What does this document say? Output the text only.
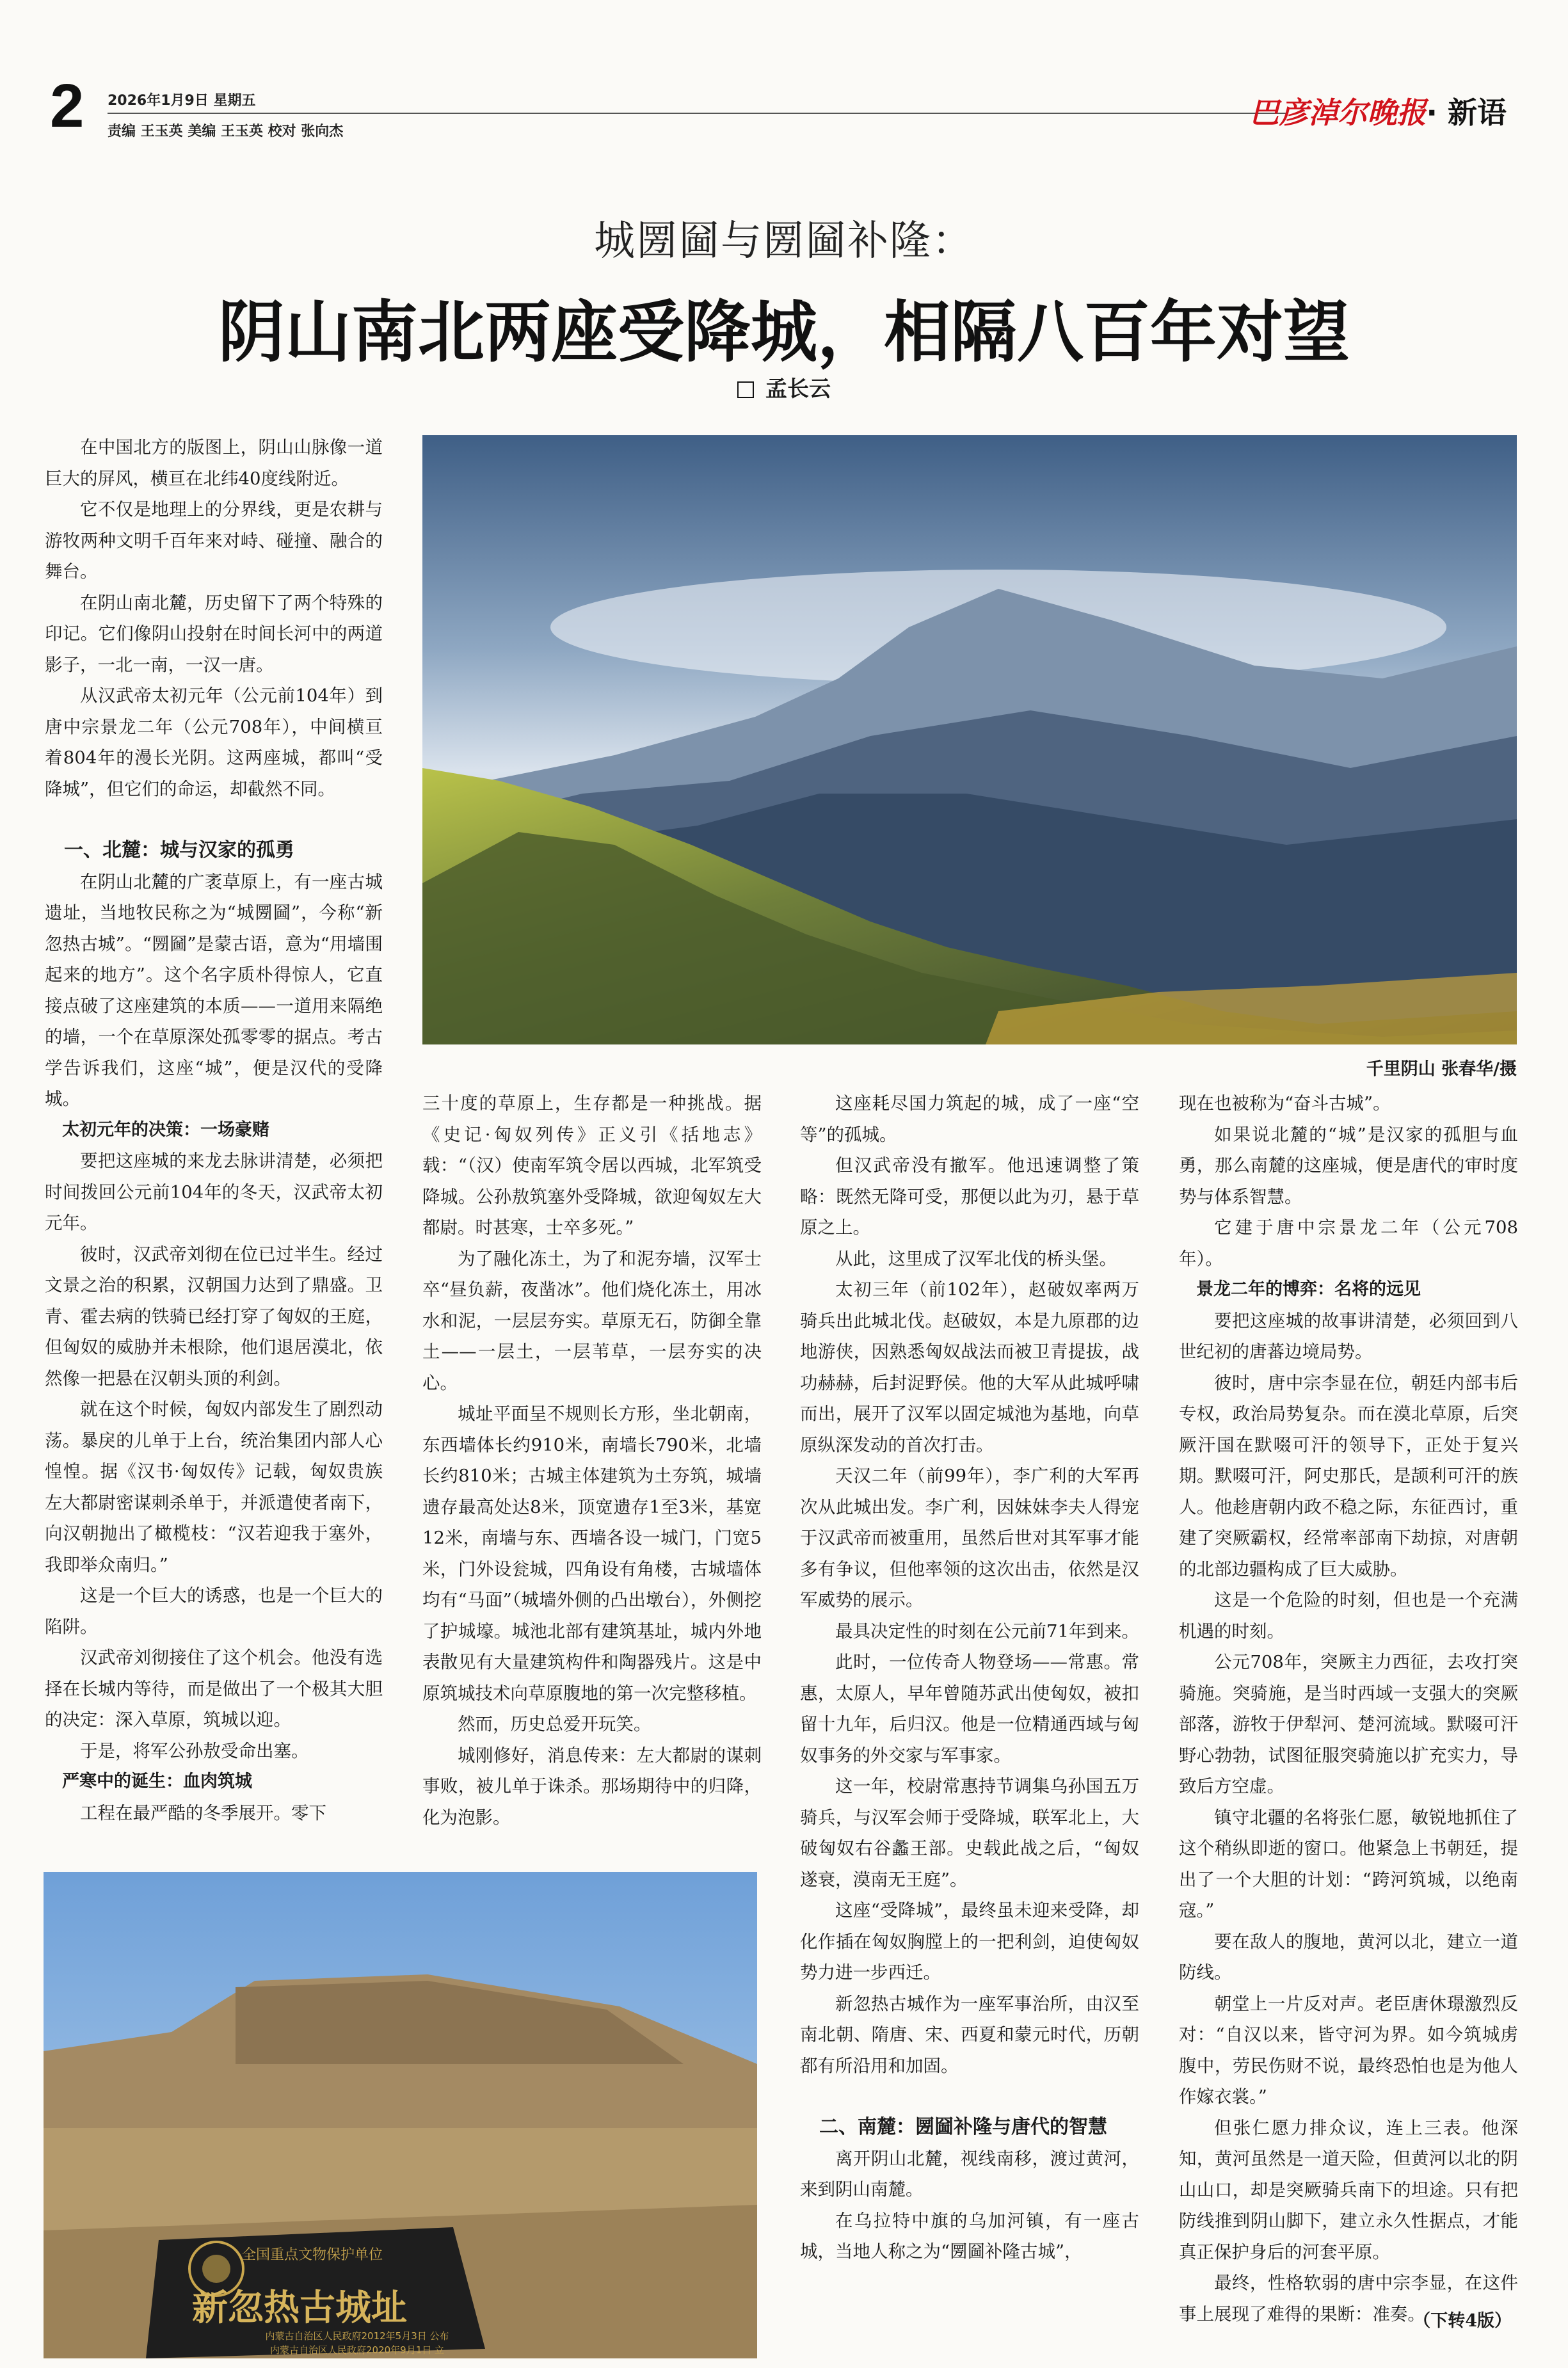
2 2026年1月9日 星期五
责编 王玉英 美编 王玉英 校对 张向杰
巴彦淖尔晚报· 新语
城圐圙与圐圙补隆：
阴山南北两座受降城，相隔八百年对望
孟长云
千里阴山 张春华/摄

在中国北方的版图上，阴山山脉像一道巨大的屏风，横亘在北纬40度线附近。

它不仅是地理上的分界线，更是农耕与游牧两种文明千百年来对峙、碰撞、融合的舞台。

在阴山南北麓，历史留下了两个特殊的印记。它们像阴山投射在时间长河中的两道影子，一北一南，一汉一唐。

从汉武帝太初元年（公元前104年）到唐中宗景龙二年（公元708年），中间横亘着804年的漫长光阴。这两座城，都叫“受降城”，但它们的命运，却截然不同。

一、北麓：城与汉家的孤勇

在阴山北麓的广袤草原上，有一座古城遗址，当地牧民称之为“城圐圙”，今称“新忽热古城”。“圐圙”是蒙古语，意为“用墙围起来的地方”。这个名字质朴得惊人，它直接点破了这座建筑的本质——一道用来隔绝的墙，一个在草原深处孤零零的据点。考古学告诉我们，这座“城”，便是汉代的受降城。

太初元年的决策：一场豪赌

要把这座城的来龙去脉讲清楚，必须把时间拨回公元前104年的冬天，汉武帝太初元年。

彼时，汉武帝刘彻在位已过半生。经过文景之治的积累，汉朝国力达到了鼎盛。卫青、霍去病的铁骑已经打穿了匈奴的王庭，但匈奴的威胁并未根除，他们退居漠北，依然像一把悬在汉朝头顶的利剑。

就在这个时候，匈奴内部发生了剧烈动荡。暴戾的儿单于上台，统治集团内部人心惶惶。据《汉书·匈奴传》记载，匈奴贵族左大都尉密谋刺杀单于，并派遣使者南下，向汉朝抛出了橄榄枝：“汉若迎我于塞外，我即举众南归。”

这是一个巨大的诱惑，也是一个巨大的陷阱。

汉武帝刘彻接住了这个机会。他没有选择在长城内等待，而是做出了一个极其大胆的决定：深入草原，筑城以迎。

于是，将军公孙敖受命出塞。

严寒中的诞生：血肉筑城

工程在最严酷的冬季展开。零下

三十度的草原上，生存都是一种挑战。据《史记·匈奴列传》正义引《括地志》载：“（汉）使南军筑令居以西城，北军筑受降城。公孙敖筑塞外受降城，欲迎匈奴左大都尉。时甚寒，士卒多死。”

为了融化冻土，为了和泥夯墙，汉军士卒“昼负薪，夜凿冰”。他们烧化冻土，用冰水和泥，一层层夯实。草原无石，防御全靠土——一层土，一层苇草，一层夯实的决心。

城址平面呈不规则长方形，坐北朝南，东西墙体长约910米，南墙长790米，北墙长约810米；古城主体建筑为土夯筑，城墙遗存最高处达8米，顶宽遗存1至3米，基宽12米，南墙与东、西墙各设一城门，门宽5米，门外设瓮城，四角设有角楼，古城墙体均有“马面”（城墙外侧的凸出墩台），外侧挖了护城壕。城池北部有建筑基址，城内外地表散见有大量建筑构件和陶器残片。这是中原筑城技术向草原腹地的第一次完整移植。

然而，历史总爱开玩笑。

城刚修好，消息传来：左大都尉的谋刺事败，被儿单于诛杀。那场期待中的归降，化为泡影。

这座耗尽国力筑起的城，成了一座“空等”的孤城。

但汉武帝没有撤军。他迅速调整了策略：既然无降可受，那便以此为刃，悬于草原之上。

从此，这里成了汉军北伐的桥头堡。

太初三年（前102年），赵破奴率两万骑兵出此城北伐。赵破奴，本是九原郡的边地游侠，因熟悉匈奴战法而被卫青提拔，战功赫赫，后封浞野侯。他的大军从此城呼啸而出，展开了汉军以固定城池为基地，向草原纵深发动的首次打击。

天汉二年（前99年），李广利的大军再次从此城出发。李广利，因妹妹李夫人得宠于汉武帝而被重用，虽然后世对其军事才能多有争议，但他率领的这次出击，依然是汉军威势的展示。

最具决定性的时刻在公元前71年到来。

此时，一位传奇人物登场——常惠。常惠，太原人，早年曾随苏武出使匈奴，被扣留十九年，后归汉。他是一位精通西域与匈奴事务的外交家与军事家。

这一年，校尉常惠持节调集乌孙国五万骑兵，与汉军会师于受降城，联军北上，大破匈奴右谷蠡王部。史载此战之后，“匈奴遂衰，漠南无王庭”。

这座“受降城”，最终虽未迎来受降，却化作插在匈奴胸膛上的一把利剑，迫使匈奴势力进一步西迁。

新忽热古城作为一座军事治所，由汉至南北朝、隋唐、宋、西夏和蒙元时代，历朝都有所沿用和加固。

二、南麓：圐圙补隆与唐代的智慧

离开阴山北麓，视线南移，渡过黄河，来到阴山南麓。

在乌拉特中旗的乌加河镇，有一座古城，当地人称之为“圐圙补隆古城”，

现在也被称为“奋斗古城”。

如果说北麓的“城”是汉家的孤胆与血勇，那么南麓的这座城，便是唐代的审时度势与体系智慧。

它建于唐中宗景龙二年（公元708年）。

景龙二年的博弈：名将的远见

要把这座城的故事讲清楚，必须回到八世纪初的唐蕃边境局势。

彼时，唐中宗李显在位，朝廷内部韦后专权，政治局势复杂。而在漠北草原，后突厥汗国在默啜可汗的领导下，正处于复兴期。默啜可汗，阿史那氏，是颉利可汗的族人。他趁唐朝内政不稳之际，东征西讨，重建了突厥霸权，经常率部南下劫掠，对唐朝的北部边疆构成了巨大威胁。

这是一个危险的时刻，但也是一个充满机遇的时刻。

公元708年，突厥主力西征，去攻打突骑施。突骑施，是当时西域一支强大的突厥部落，游牧于伊犁河、楚河流域。默啜可汗野心勃勃，试图征服突骑施以扩充实力，导致后方空虚。

镇守北疆的名将张仁愿，敏锐地抓住了这个稍纵即逝的窗口。他紧急上书朝廷，提出了一个大胆的计划：“跨河筑城，以绝南寇。”

要在敌人的腹地，黄河以北，建立一道防线。

朝堂上一片反对声。老臣唐休璟激烈反对：“自汉以来，皆守河为界。如今筑城虏腹中，劳民伤财不说，最终恐怕也是为他人作嫁衣裳。”

但张仁愿力排众议，连上三表。他深知，黄河虽然是一道天险，但黄河以北的阴山山口，却是突厥骑兵南下的坦途。只有把防线推到阴山脚下，建立永久性据点，才能真正保护身后的河套平原。

最终，性格软弱的唐中宗李显，在这件事上展现了难得的果断：准奏。

全国重点文物保护单位
新忽热古城址
内蒙古自治区人民政府2012年5月3日 公布
内蒙古自治区人民政府2020年9月1日 立
（下转4版）
